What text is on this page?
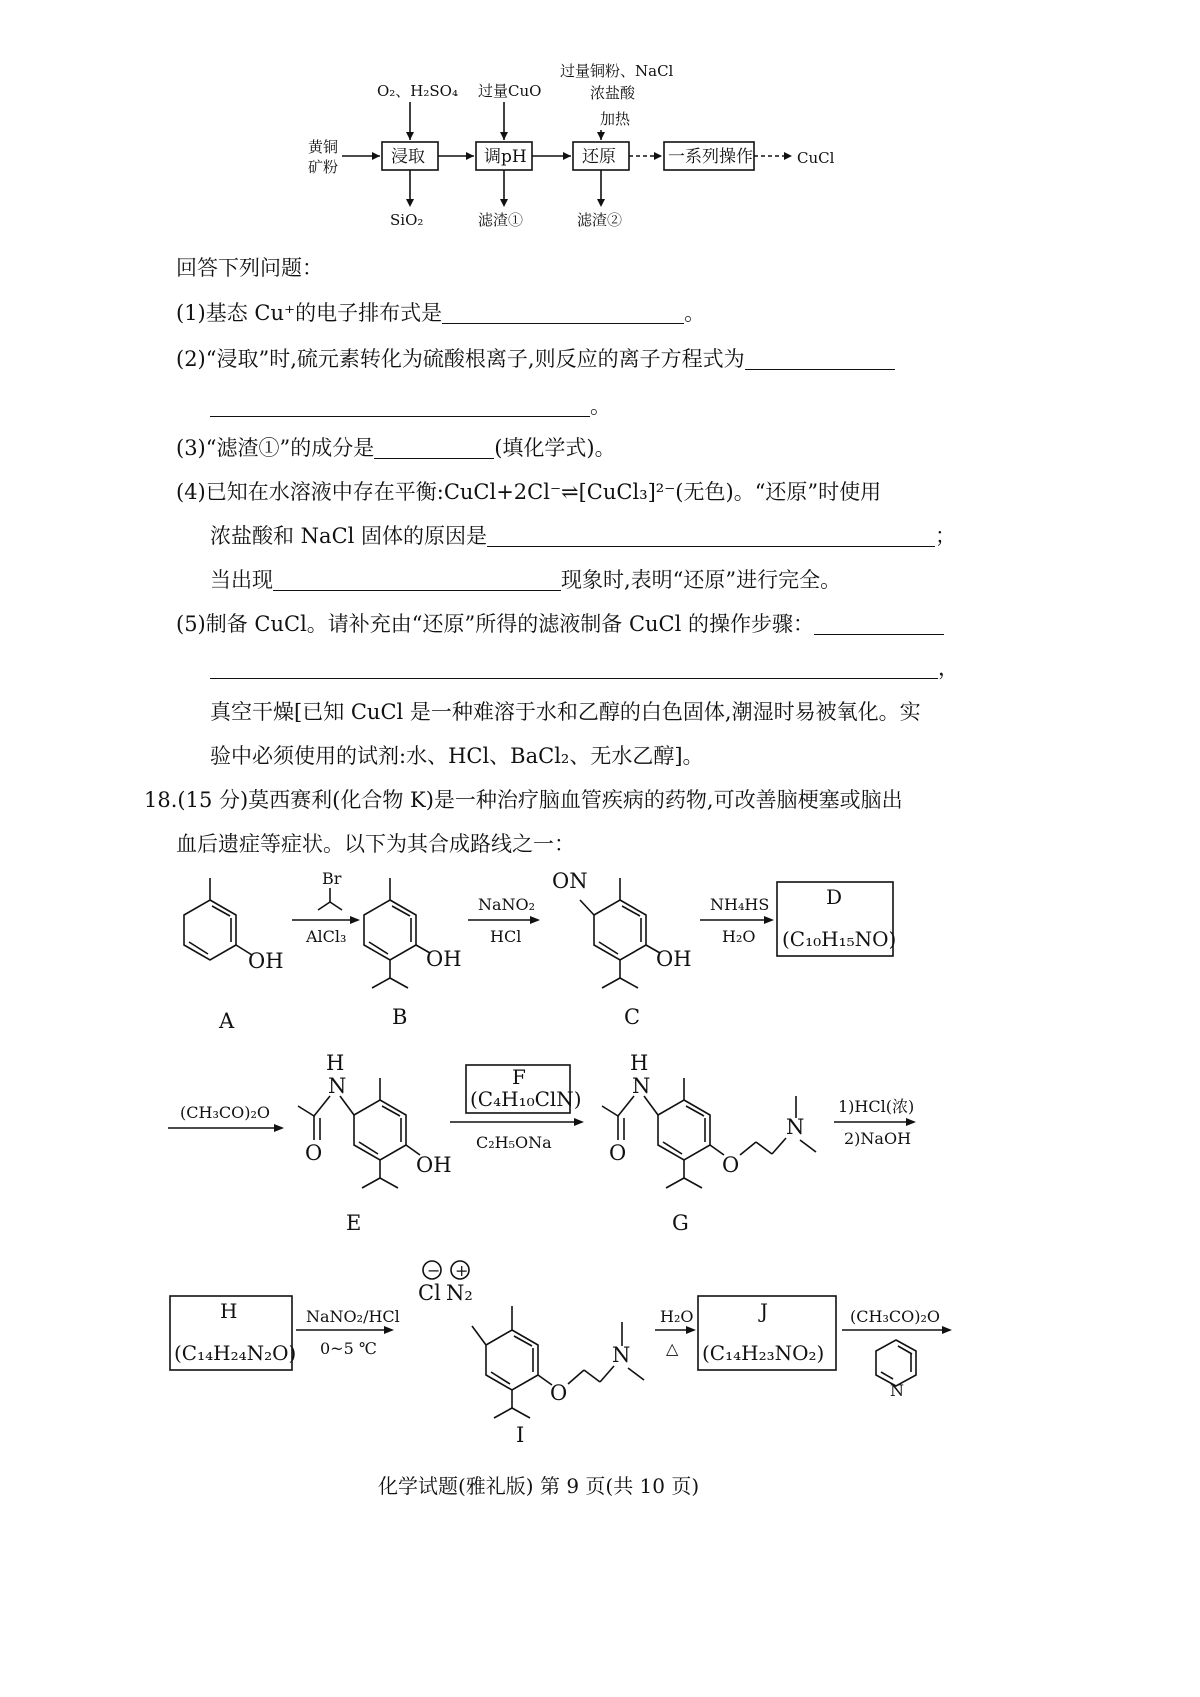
黄铜
矿粉
O₂、H₂SO₄ 过量CuO
过量铜粉、NaCl
浓盐酸
加热
SiO₂	滤渣①	滤渣②
CuCl
浸取	调pH	还原	一系列操作
回答下列问题：
(1)基态 Cu⁺的电子排布式是	。
(2)“浸取”时,硫元素转化为硫酸根离子,则反应的离子方程式为
。
(3)“滤渣①”的成分是	(填化学式)。
(4)已知在水溶液中存在平衡:CuCl+2Cl⁻⇌[CuCl₃]²⁻(无色)。“还原”时使用
浓盐酸和 NaCl 固体的原因是	；
当出现	现象时,表明“还原”进行完全。
(5)制备 CuCl。请补充由“还原”所得的滤液制备 CuCl 的操作步骤：
，
真空干燥[已知 CuCl 是一种难溶于水和乙醇的白色固体,潮湿时易被氧化。实
验中必须使用的试剂:水、HCl、BaCl₂、无水乙醇]。
18.(15 分)莫西赛利(化合物 K)是一种治疗脑血管疾病的药物,可改善脑梗塞或脑出
血后遗症等症状。以下为其合成路线之一：
OH	OH
ON
OH
H
N
O	OH
H
N
O	O
N
Cl N₂
O
N
− +
N
Br
AlCl₃
NaNO₂
HCl
NH₄HS
H₂O
(CH₃CO)₂O
C₂H₅ONa
1)HCl(浓)
2)NaOH
NaNO₂/HCl
0~5 ℃
H₂O
△
(CH₃CO)₂O
D
(C₁₀H₁₅NO)
F
(C₄H₁₀ClN)
H
(C₁₄H₂₄N₂O)
J
(C₁₄H₂₃NO₂)
A	B	C
E	G
I
化学试题(雅礼版) 第 9 页(共 10 页)
